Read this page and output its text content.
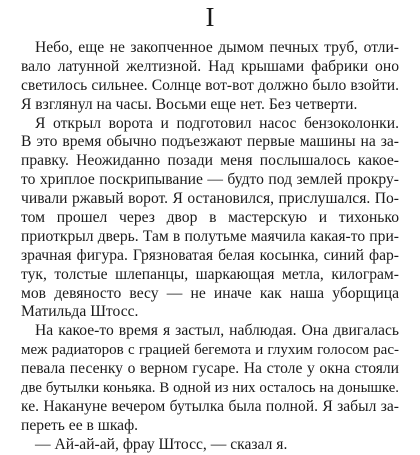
I
Небо, еще не закопченное дымом печных труб, отли-
вало латунной желтизной. Над крышами фабрики оно
светилось сильнее. Солнце вот-вот должно было взойти.
Я взглянул на часы. Восьми еще нет. Без четверти.
Я открыл ворота и подготовил насос бензоколонки.
В это время обычно подъезжают первые машины на за-
правку. Неожиданно позади меня послышалось какое-
то хриплое поскрипывание — будто под землей прокру-
чивали ржавый ворот. Я остановился, прислушался. По-
том прошел через двор в мастерскую и тихонько
приоткрыл дверь. Там в полутьме маячила какая-то при-
зрачная фигура. Грязноватая белая косынка, синий фар-
тук, толстые шлепанцы, шаркающая метла, килограм-
мов девяносто весу — не иначе как наша уборщица
Матильда Штосс.
На какое-то время я застыл, наблюдая. Она двигалась
меж радиаторов с грацией бегемота и глухим голосом рас-
певала песенку о верном гусаре. На столе у окна стояли
две бутылки коньяка. В одной из них осталось на донышке.
ке. Накануне вечером бутылка была полной. Я забыл за-
переть ее в шкаф.
— Ай-ай-ай, фрау Штосс, — сказал я.
